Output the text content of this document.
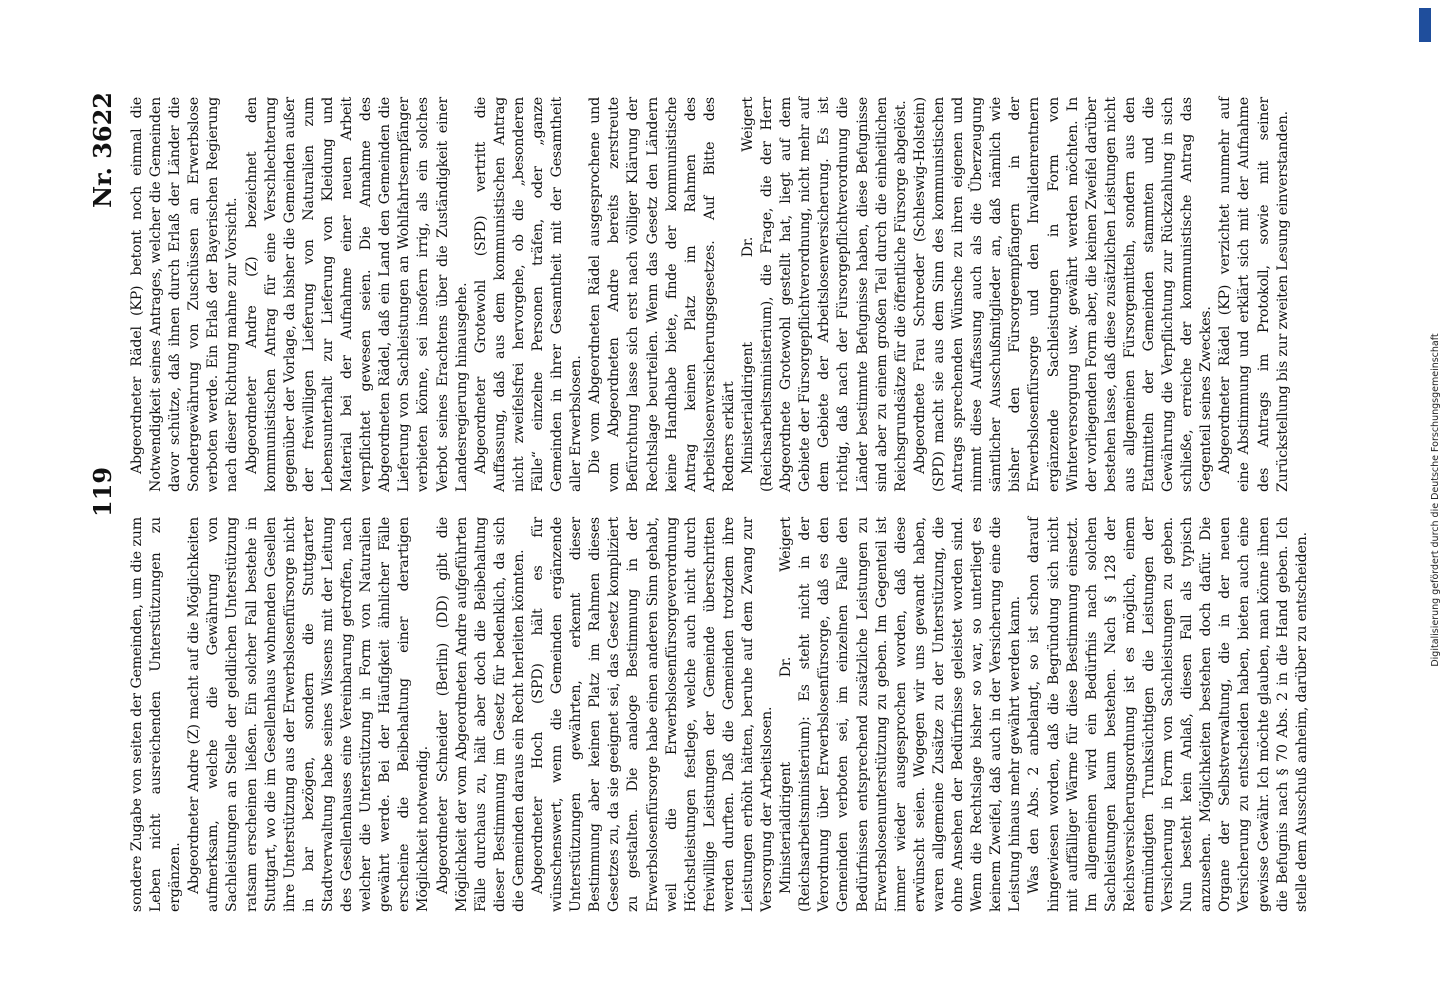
119
Nr. 3622

sondere Zugabe von seiten der Gemeinden, um die zum Leben nicht ausreichenden Unterstützungen zu ergänzen. Abgeordneter Andre (Z) macht auf die Möglichkeiten aufmerksam, welche die Gewährung von Sachleistungen an Stelle der geldlichen Unterstützung ratsam erscheinen ließen. Ein solcher Fall bestehe in Stuttgart, wo die im Gesellenhaus wohnenden Gesellen ihre Unterstützung aus der Erwerbslosenfürsorge nicht in bar bezögen, sondern die Stuttgarter Stadtverwaltung habe seines Wissens mit der Leitung des Gesellenhauses eine Vereinbarung getroffen, nach welcher die Unterstützung in Form von Naturalien gewährt werde. Bei der Häufigkeit ähnlicher Fälle erscheine die Beibehaltung einer derartigen Möglichkeit notwendig. Abgeordneter Schneider (Berlin) (DD) gibt die Möglichkeit der vom Abgeordneten Andre aufgeführten Fälle durchaus zu, hält aber doch die Beibehaltung dieser Bestimmung im Gesetz für bedenklich, da sich die Gemeinden daraus ein Recht herleiten könnten. Abgeordneter Hoch (SPD) hält es für wünschenswert, wenn die Gemeinden ergänzende Unterstützungen gewährten, erkennt dieser Bestimmung aber keinen Platz im Rahmen dieses Gesetzes zu, da sie geeignet sei, das Gesetz kompliziert zu gestalten. Die analoge Bestimmung in der Erwerbslosenfürsorge habe einen anderen Sinn gehabt, weil die Erwerbslosenfürsorgeverordnung Höchstleistungen festlege, welche auch nicht durch freiwillige Leistungen der Gemeinde überschritten werden durften. Daß die Gemeinden trotzdem ihre Leistungen erhöht hätten, beruhe auf dem Zwang zur Versorgung der Arbeitslosen. Ministerialdirigent Dr. Weigert (Reichsarbeitsministerium): Es steht nicht in der Verordnung über Erwerbslosenfürsorge, daß es den Gemeinden verboten sei, im einzelnen Falle den Bedürfnissen entsprechend zusätzliche Leistungen zu Erwerbslosenunterstützung zu geben. Im Gegenteil ist immer wieder ausgesprochen worden, daß diese erwünscht seien. Wogegen wir uns gewandt haben, waren allgemeine Zusätze zu der Unterstützung, die ohne Ansehen der Bedürfnisse geleistet worden sind. Wenn die Rechtslage bisher so war, so unterliegt es keinem Zweifel, daß auch in der Versicherung eine die Leistung hinaus mehr gewährt werden kann. Was den Abs. 2 anbelangt, so ist schon darauf hingewiesen worden, daß die Begründung sich nicht mit auffälliger Wärme für diese Bestimmung einsetzt. Im allgemeinen wird ein Bedürfnis nach solchen Sachleistungen kaum bestehen. Nach § 128 der Reichsversicherungsordnung ist es möglich, einem entmündigten Trunksüchtigen die Leistungen der Versicherung in Form von Sachleistungen zu geben. Nun besteht kein Anlaß, diesen Fall als typisch anzusehen. Möglichkeiten bestehen doch dafür. Die Organe der Selbstverwaltung, die in der neuen Versicherung zu entscheiden haben, bieten auch eine gewisse Gewähr. Ich möchte glauben, man könne ihnen die Befugnis nach § 70 Abs. 2 in die Hand geben. Ich stelle dem Ausschuß anheim, darüber zu entscheiden.

Abgeordneter Rädel (KP) betont noch einmal die Notwendigkeit seines Antrages, welcher die Gemeinden davor schütze, daß ihnen durch Erlaß der Länder die Sondergewährung von Zuschüssen an Erwerbslose verboten werde. Ein Erlaß der Bayerischen Regierung nach dieser Richtung mahne zur Vorsicht. Abgeordneter Andre (Z) bezeichnet den kommunistischen Antrag für eine Verschlechterung gegenüber der Vorlage, da bisher die Gemeinden außer der freiwilligen Lieferung von Naturalien zum Lebensunterhalt zur Lieferung von Kleidung und Material bei der Aufnahme einer neuen Arbeit verpflichtet gewesen seien. Die Annahme des Abgeordneten Rädel, daß ein Land den Gemeinden die Lieferung von Sachleistungen an Wohlfahrtsempfänger verbieten könne, sei insofern irrig, als ein solches Verbot seines Erachtens über die Zuständigkeit einer Landesregierung hinausgehe. Abgeordneter Grotewohl (SPD) vertritt die Auffassung, daß aus dem kommunistischen Antrag nicht zweifelsfrei hervorgehe, ob die „besonderen Fälle“ einzelne Personen träfen, oder „ganze Gemeinden in ihrer Gesamtheit mit der Gesamtheit aller Erwerbslosen. Die vom Abgeordneten Rädel ausgesprochene und vom Abgeordneten Andre bereits zerstreute Befürchtung lasse sich erst nach völliger Klärung der Rechtslage beurteilen. Wenn das Gesetz den Ländern keine Handhabe biete, finde der kommunistische Antrag keinen Platz im Rahmen des Arbeitslosenversicherungsgesetzes. Auf Bitte des Redners erklärt Ministerialdirigent Dr. Weigert (Reichsarbeitsministerium), die Frage, die der Herr Abgeordnete Grotewohl gestellt hat, liegt auf dem Gebiete der Fürsorgepflichtverordnung, nicht mehr auf dem Gebiete der Arbeitslosenversicherung. Es ist richtig, daß nach der Fürsorgepflichtverordnung die Länder bestimmte Befugnisse haben, diese Befugnisse sind aber zu einem großen Teil durch die einheitlichen Reichsgrundsätze für die öffentliche Fürsorge abgelöst. Abgeordnete Frau Schroeder (Schleswig-Holstein) (SPD) macht sie aus dem Sinn des kommunistischen Antrags sprechenden Wünsche zu ihren eigenen und nimmt diese Auffassung auch als die Überzeugung sämtlicher Ausschußmitglieder an, daß nämlich wie bisher den Fürsorgeempfängern in der Erwerbslosenfürsorge und den Invalidenrentnern ergänzende Sachleistungen in Form von Winterversorgung usw. gewährt werden möchten. In der vorliegenden Form aber, die keinen Zweifel darüber bestehen lasse, daß diese zusätzlichen Leistungen nicht aus allgemeinen Fürsorgemitteln, sondern aus den Etatmitteln der Gemeinden stammten und die Gewährung die Verpflichtung zur Rückzahlung in sich schließe, erreiche der kommunistische Antrag das Gegenteil seines Zweckes. Abgeordneter Rädel (KP) verzichtet nunmehr auf eine Abstimmung und erklärt sich mit der Aufnahme des Antrags im Protokoll, sowie mit seiner Zurückstellung bis zur zweiten Lesung einverstanden.

DFG
Digitalisierung gefördert durch die Deutsche Forschungsgemeinschaft
